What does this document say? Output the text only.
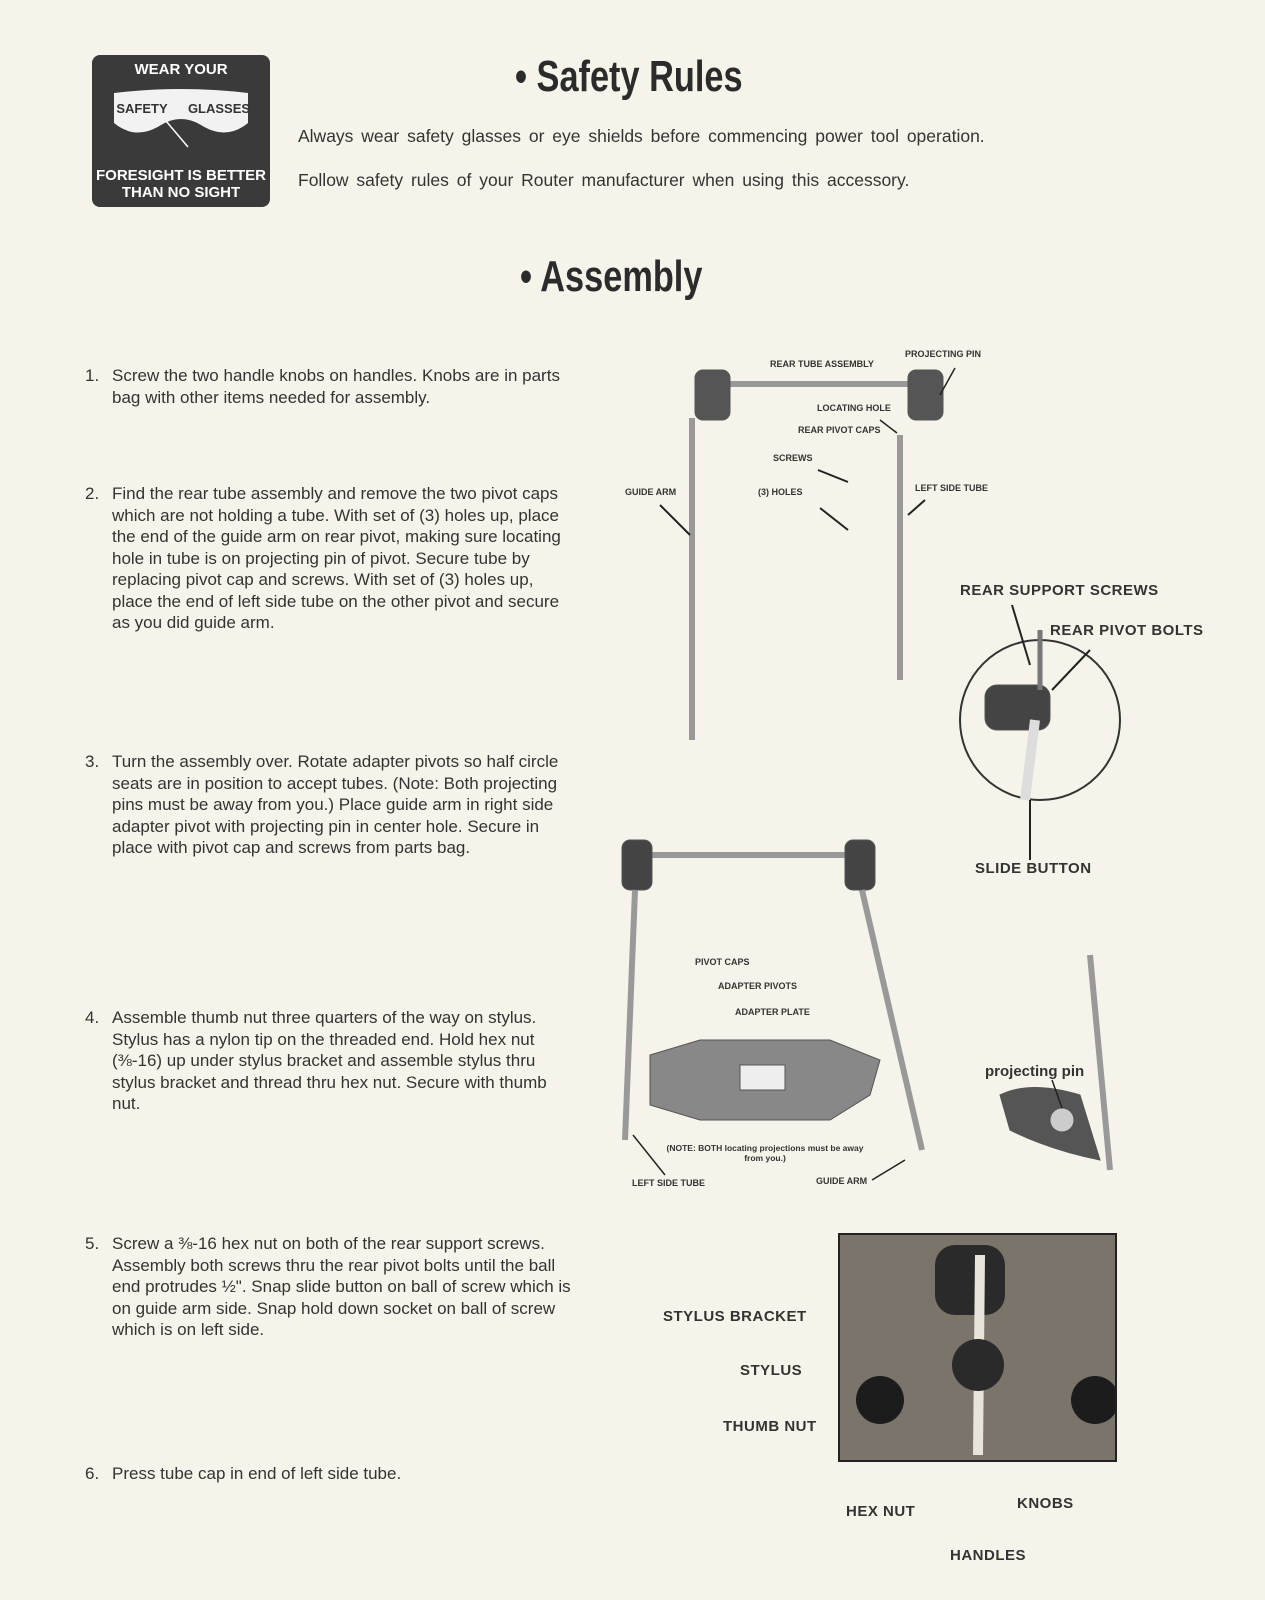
WEAR YOUR
SAFETY GLASSES
FORESIGHT IS BETTER THAN NO SIGHT
• Safety Rules
Always wear safety glasses or eye shields before commencing power tool operation.
Follow safety rules of your Router manufacturer when using this accessory.
• Assembly
1. Screw the two handle knobs on handles. Knobs are in parts bag with other items needed for assembly.
2. Find the rear tube assembly and remove the two pivot caps which are not holding a tube. With set of (3) holes up, place the end of the guide arm on rear pivot, making sure locating hole in tube is on projecting pin of pivot. Secure tube by replacing pivot cap and screws. With set of (3) holes up, place the end of left side tube on the other pivot and secure as you did guide arm.
3. Turn the assembly over. Rotate adapter pivots so half circle seats are in position to accept tubes. (Note: Both projecting pins must be away from you.) Place guide arm in right side adapter pivot with projecting pin in center hole. Secure in place with pivot cap and screws from parts bag.
4. Assemble thumb nut three quarters of the way on stylus. Stylus has a nylon tip on the threaded end. Hold hex nut (⅜-16) up under stylus bracket and assemble stylus thru stylus bracket and thread thru hex nut. Secure with thumb nut.
5. Screw a ⅜-16 hex nut on both of the rear support screws. Assembly both screws thru the rear pivot bolts until the ball end protrudes ½". Snap slide button on ball of screw which is on guide arm side. Snap hold down socket on ball of screw which is on left side.
6. Press tube cap in end of left side tube.
REAR TUBE ASSEMBLY
PROJECTING PIN
LOCATING HOLE
REAR PIVOT CAPS
SCREWS
GUIDE ARM	(3) HOLES	LEFT SIDE TUBE
REAR SUPPORT SCREWS
REAR PIVOT BOLTS
SLIDE BUTTON
PIVOT CAPS
ADAPTER PIVOTS
ADAPTER PLATE
(NOTE: BOTH locating projections must be away from you.)
LEFT SIDE TUBE	GUIDE ARM
projecting pin
STYLUS BRACKET
STYLUS
THUMB NUT
HEX NUT	KNOBS
HANDLES
